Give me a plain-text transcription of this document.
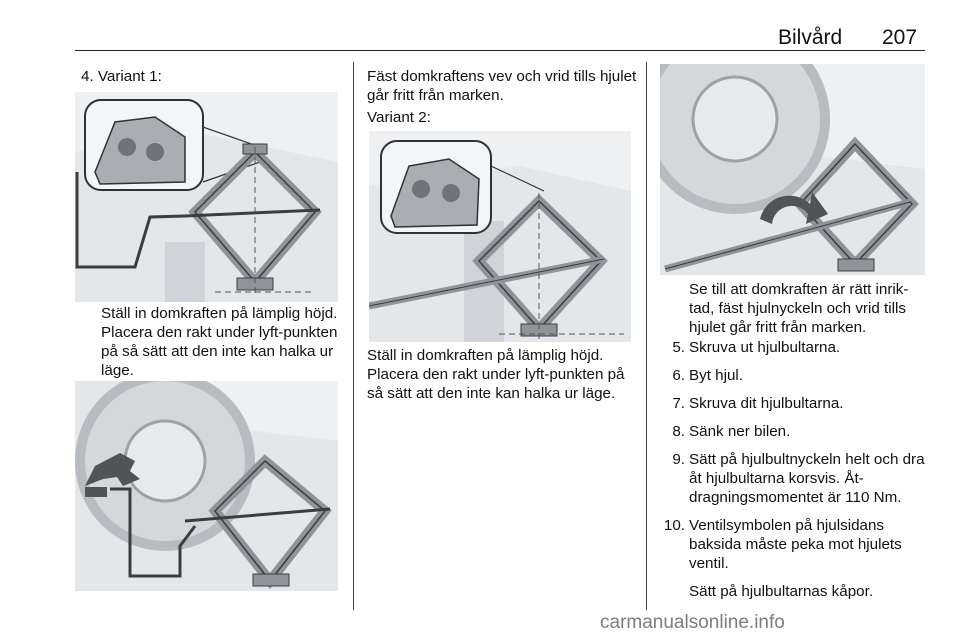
Bilvård 207
4. Variant 1:

Ställ in domkraften på lämplig höjd. Placera den rakt under lyft-punkten på så sätt att den inte kan halka ur läge.

Fäst domkraftens vev och vrid tills hjulet går fritt från marken.

Variant 2:

Ställ in domkraften på lämplig höjd. Placera den rakt under lyft-punkten på så sätt att den inte kan halka ur läge.

Se till att domkraften är rätt inrik-tad, fäst hjulnyckeln och vrid tills hjulet går fritt från marken.

5. Skruva ut hjulbultarna.
6. Byt hjul.
7. Skruva dit hjulbultarna.
8. Sänk ner bilen.
9. Sätt på hjulbultnyckeln helt och dra åt hjulbultarna korsvis. Åt-dragningsmomentet är 110 Nm.
10. Ventilsymbolen på hjulsidans baksida måste peka mot hjulets ventil.
Sätt på hjulbultarnas kåpor.
carmanualsonline.info
